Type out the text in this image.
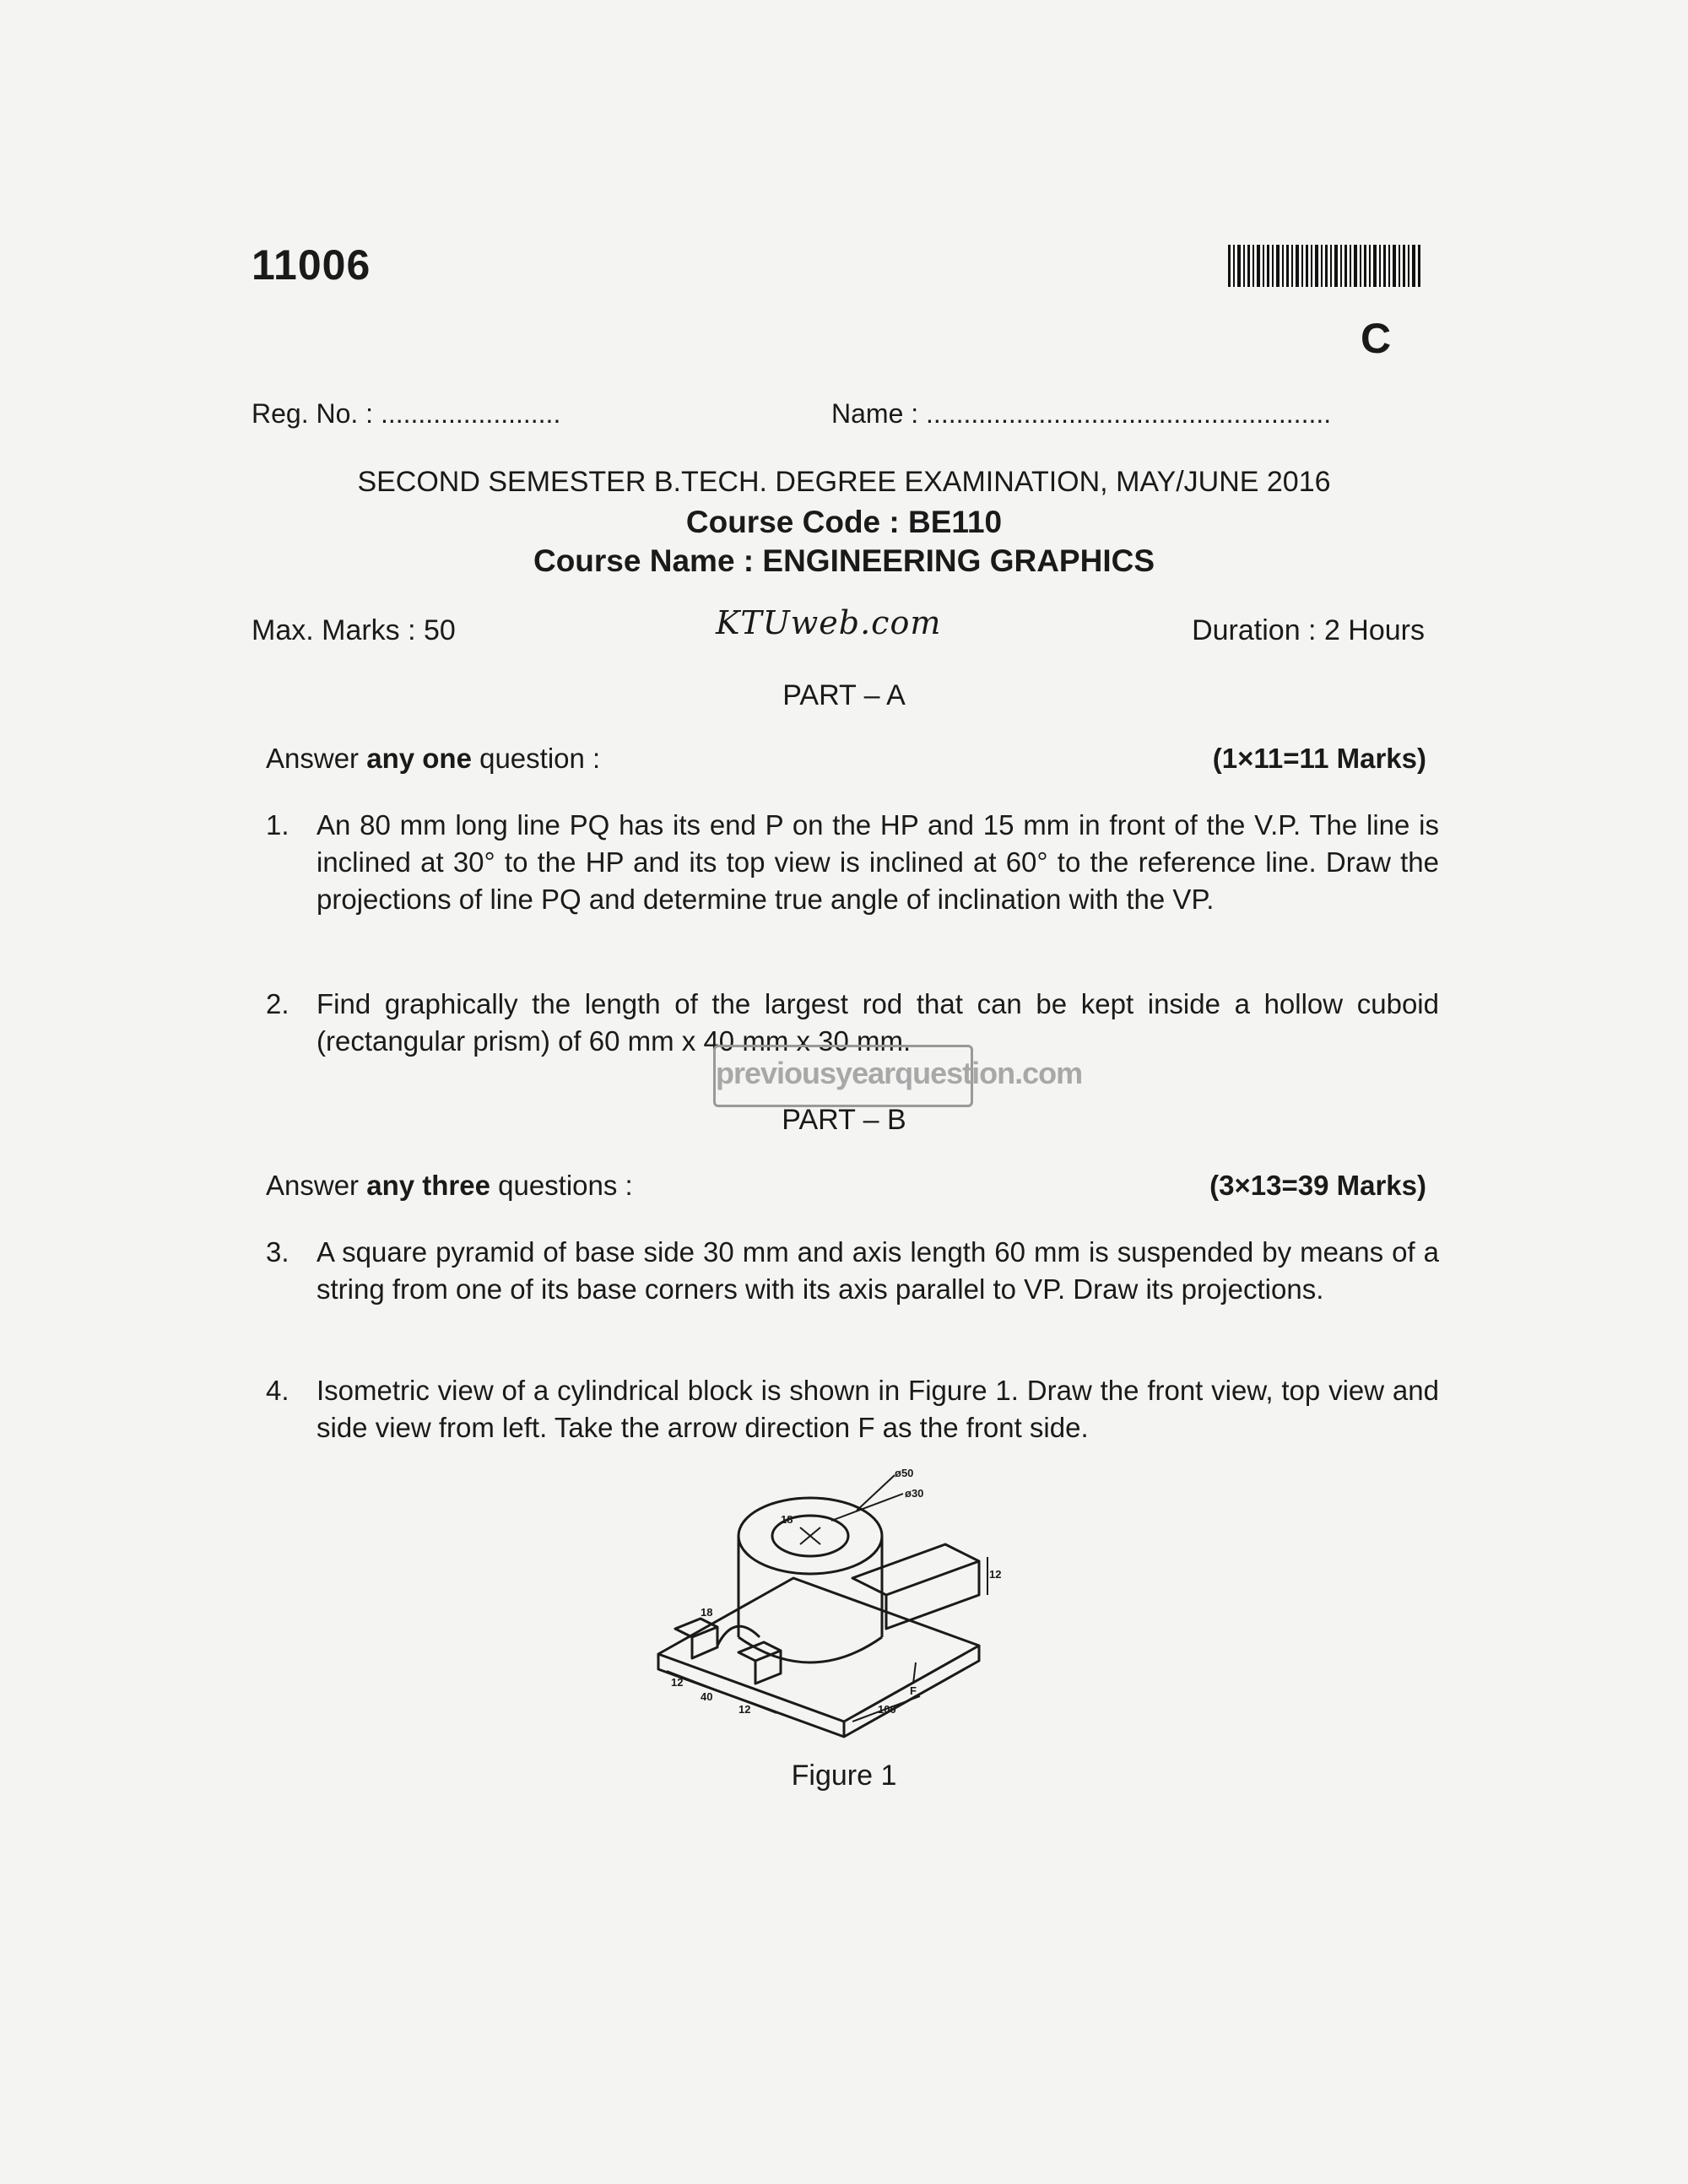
11006
C
Reg. No. : ........................	Name : ......................................................
SECOND SEMESTER B.TECH. DEGREE EXAMINATION, MAY/JUNE 2016
Course Code : BE110
Course Name : ENGINEERING GRAPHICS
Max. Marks : 50	KTUweb.com	Duration : 2 Hours
PART – A
Answer any one question :	(1×11=11 Marks)
1. An 80 mm long line PQ has its end P on the HP and 15 mm in front of the V.P. The line is inclined at 30° to the HP and its top view is inclined at 60° to the reference line. Draw the projections of line PQ and determine true angle of inclination with the VP.
2. Find graphically the length of the largest rod that can be kept inside a hollow cuboid (rectangular prism) of 60 mm x 40 mm x 30 mm.
previousyearquestion.com
PART – B
Answer any three questions :	(3×13=39 Marks)
3. A square pyramid of base side 30 mm and axis length 60 mm is suspended by means of a string from one of its base corners with its axis parallel to VP. Draw its projections.
4. Isometric view of a cylindrical block is shown in Figure 1. Draw the front view, top view and side view from left. Take the arrow direction F as the front side.
ø50
ø30
18
12
100
18
12
40
12
F
Figure 1
